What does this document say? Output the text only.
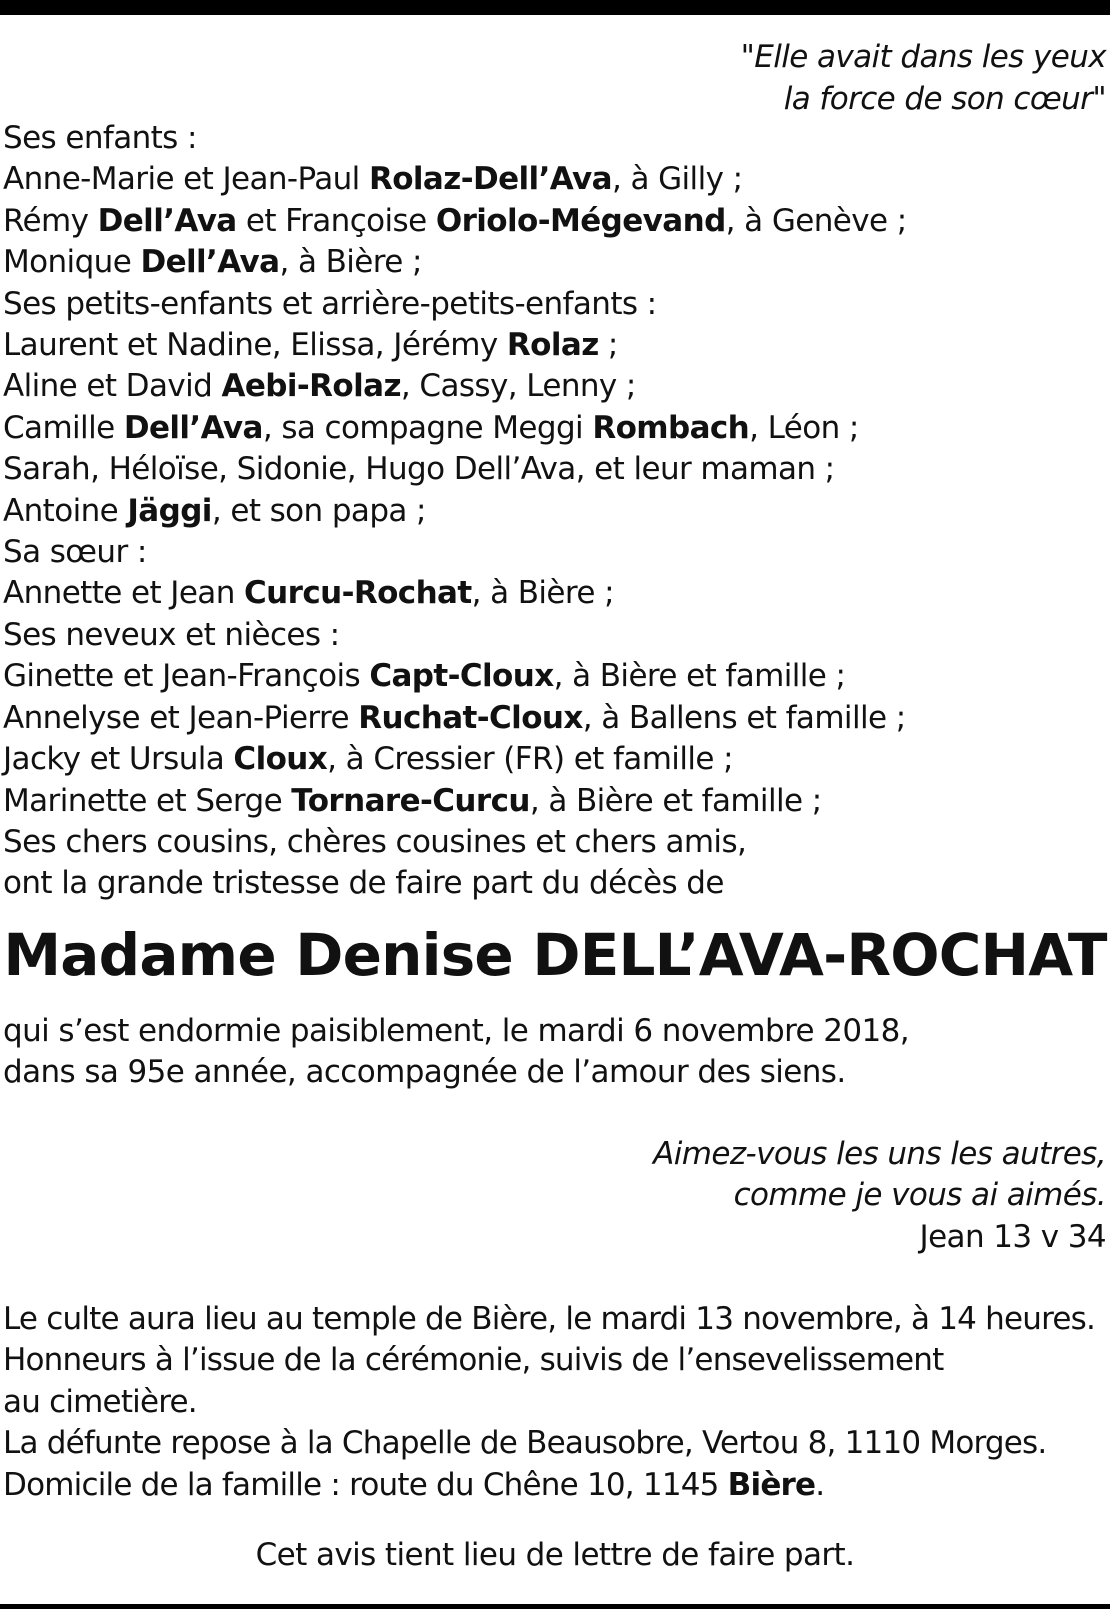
"Elle avait dans les yeux
la force de son cœur"
Ses enfants :
Anne-Marie et Jean-Paul Rolaz-Dell’Ava, à Gilly ;
Rémy Dell’Ava et Françoise Oriolo-Mégevand, à Genève ;
Monique Dell’Ava, à Bière ;
Ses petits-enfants et arrière-petits-enfants :
Laurent et Nadine, Elissa, Jérémy Rolaz ;
Aline et David Aebi-Rolaz, Cassy, Lenny ;
Camille Dell’Ava, sa compagne Meggi Rombach, Léon ;
Sarah, Héloïse, Sidonie, Hugo Dell’Ava, et leur maman ;
Antoine Jäggi, et son papa ;
Sa sœur :
Annette et Jean Curcu-Rochat, à Bière ;
Ses neveux et nièces :
Ginette et Jean-François Capt-Cloux, à Bière et famille ;
Annelyse et Jean-Pierre Ruchat-Cloux, à Ballens et famille ;
Jacky et Ursula Cloux, à Cressier (FR) et famille ;
Marinette et Serge Tornare-Curcu, à Bière et famille ;
Ses chers cousins, chères cousines et chers amis,
ont la grande tristesse de faire part du décès de
Madame Denise DELL’AVA-ROCHAT
qui s’est endormie paisiblement, le mardi 6 novembre 2018,
dans sa 95e année, accompagnée de l’amour des siens.
Aimez-vous les uns les autres,
comme je vous ai aimés.
Jean 13 v 34
Le culte aura lieu au temple de Bière, le mardi 13 novembre, à 14 heures.
Honneurs à l’issue de la cérémonie, suivis de l’ensevelissement
au cimetière.
La défunte repose à la Chapelle de Beausobre, Vertou 8, 1110 Morges.
Domicile de la famille : route du Chêne 10, 1145 Bière.
Cet avis tient lieu de lettre de faire part.
